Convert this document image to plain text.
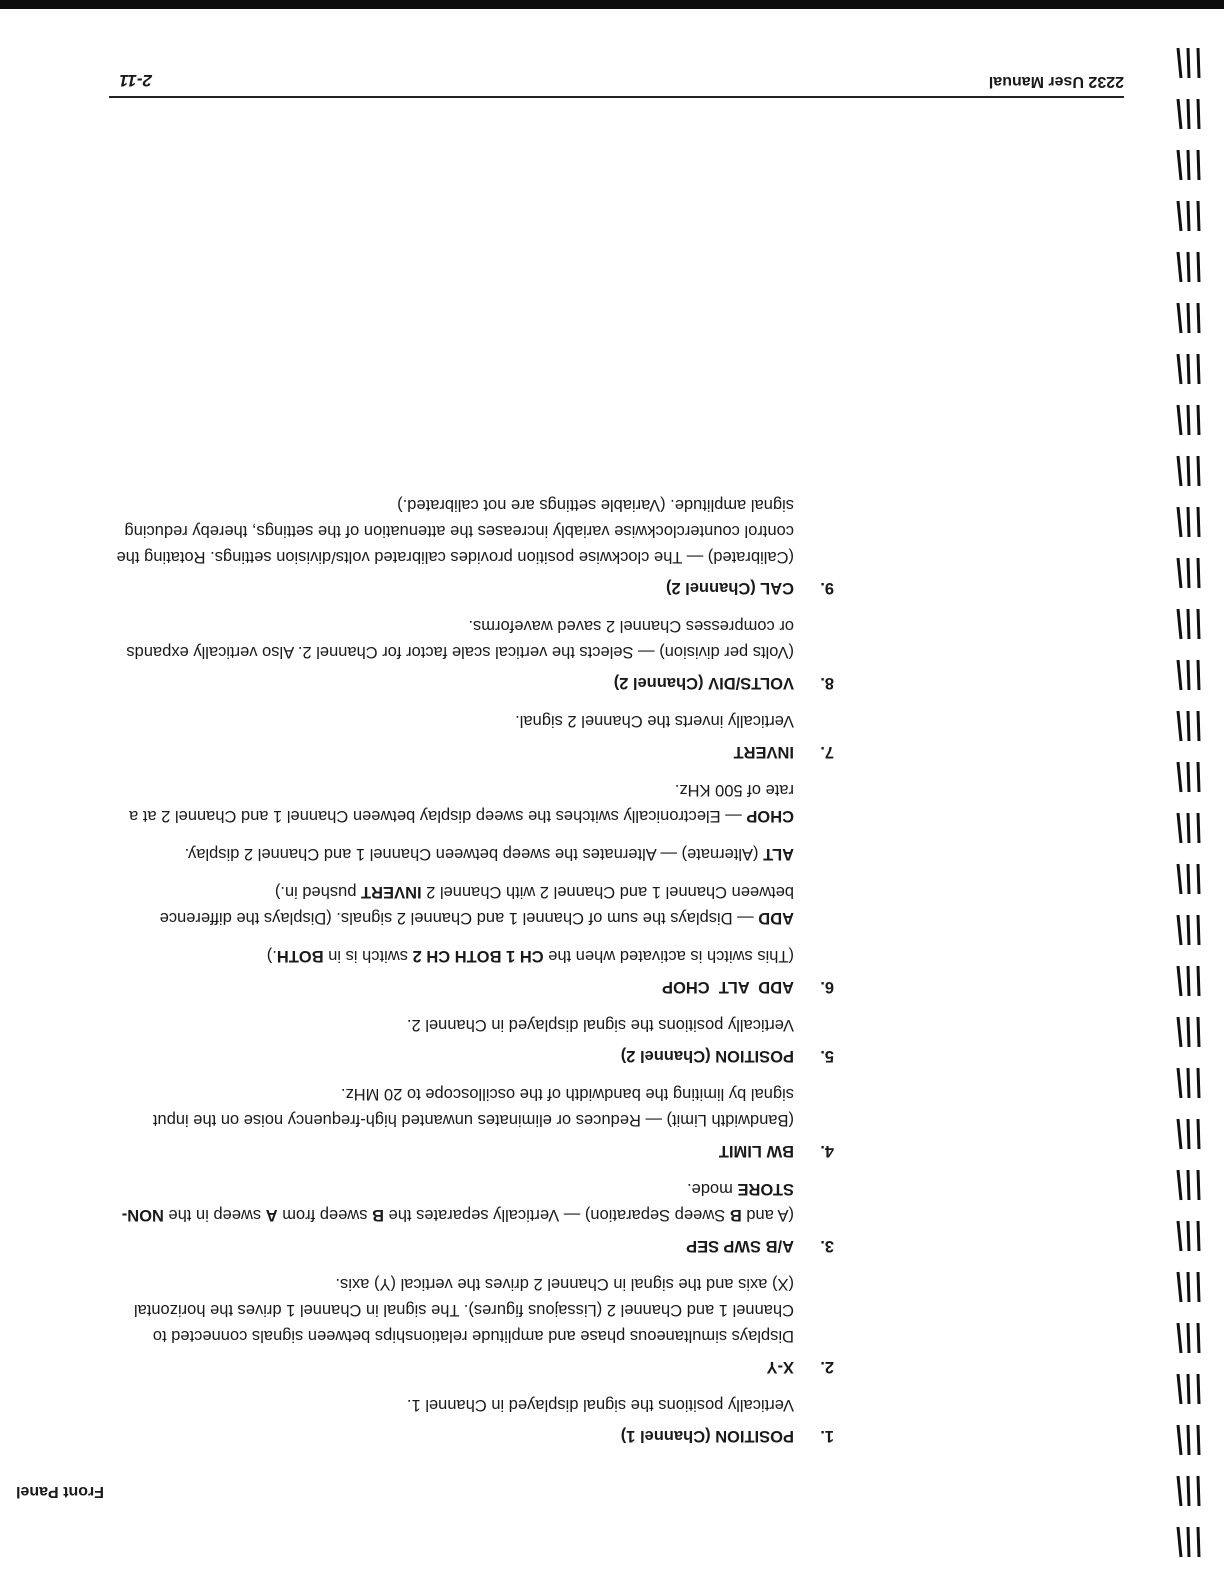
Front Panel
1.
POSITION (Channel 1)

Vertically positions the signal displayed in Channel 1.

2.
X-Y

Displays simultaneous phase and amplitude relationships between signals connected to Channel 1 and Channel 2 (Lissajous figures). The signal in Channel 1 drives the horizontal (X) axis and the signal in Channel 2 drives the vertical (Y) axis.

3.
A/B SWP SEP

(A and B Sweep Separation) — Vertically separates the B sweep from A sweep in the NON-STORE mode.

4.
BW LIMIT

(Bandwidth Limit) — Reduces or eliminates unwanted high-frequency noise on the input signal by limiting the bandwidth of the oscilloscope to 20 MHz.

5.
POSITION (Channel 2)

Vertically positions the signal displayed in Channel 2.

6.
ADD  ALT  CHOP

(This switch is activated when the CH 1 BOTH CH 2 switch is in BOTH.)

ADD — Displays the sum of Channel 1 and Channel 2 signals. (Displays the difference between Channel 1 and Channel 2 with Channel 2 INVERT pushed in.)

ALT (Alternate) — Alternates the sweep between Channel 1 and Channel 2 display.

CHOP — Electronically switches the sweep display between Channel 1 and Channel 2 at a rate of 500 KHz.

7.
INVERT

Vertically inverts the Channel 2 signal.

8.
VOLTS/DIV (Channel 2)

(Volts per division) — Selects the vertical scale factor for Channel 2. Also vertically expands or compresses Channel 2 saved waveforms.

9.
CAL (Channel 2)

(Calibrated) — The clockwise position provides calibrated volts/division settings. Rotating the control counterclockwise variably increases the attenuation of the settings, thereby reducing signal amplitude. (Variable settings are not calibrated.)

2232 User Manual
2-11
